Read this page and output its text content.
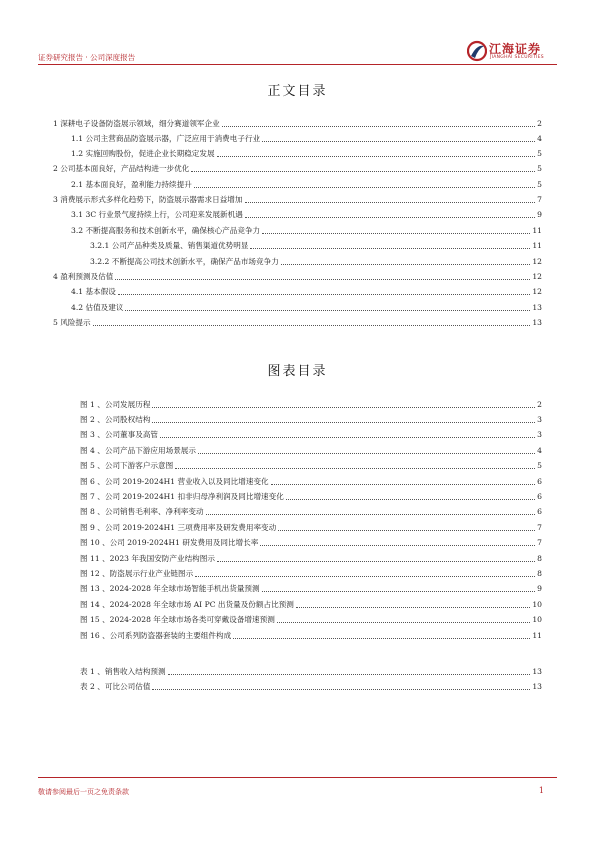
证券研究报告 · 公司深度报告
江海证券
JIANGHAI SECURITIES
正文目录
1 深耕电子设备防盗展示领域，细分赛道领军企业	2
1.1 公司主营商品防盗展示器，广泛应用于消费电子行业	4
1.2 实施回购股份，促进企业长期稳定发展	5
2 公司基本面良好，产品结构进一步优化	5
2.1 基本面良好，盈利能力持续提升	5
3 消费展示形式多样化趋势下，防盗展示器需求日益增加	7
3.1 3C 行业景气度持续上行，公司迎来发展新机遇	9
3.2 不断提高服务和技术创新水平，确保核心产品竞争力	11
3.2.1 公司产品种类及质量、销售渠道优势明显	11
3.2.2 不断提高公司技术创新水平，确保产品市场竞争力	12
4 盈利预测及估值	12
4.1 基本假设	12
4.2 估值及建议	13
5 风险提示	13
图表目录
图 1 、公司发展历程	2
图 2 、公司股权结构	3
图 3 、公司董事及高管	3
图 4 、公司产品下游应用场景展示	4
图 5 、公司下游客户示意图	5
图 6 、公司 2019-2024H1 营业收入以及同比增速变化	6
图 7 、公司 2019-2024H1 扣非归母净利润及同比增速变化	6
图 8 、公司销售毛利率、净利率变动	6
图 9 、公司 2019-2024H1 三项费用率及研发费用率变动	7
图 10 、公司 2019-2024H1 研发费用及同比增长率	7
图 11 、2023 年我国安防产业结构图示	8
图 12 、防盗展示行业产业链图示	8
图 13 、2024-2028 年全球市场智能手机出货量预测	9
图 14 、2024-2028 年全球市场 AI PC 出货量及份额占比预测	10
图 15 、2024-2028 年全球市场各类可穿戴设备增速预测	10
图 16 、公司系列防盗器套装的主要组件构成	11
表 1 、销售收入结构预测	13
表 2 、可比公司估值	13
敬请参阅最后一页之免责条款	1
